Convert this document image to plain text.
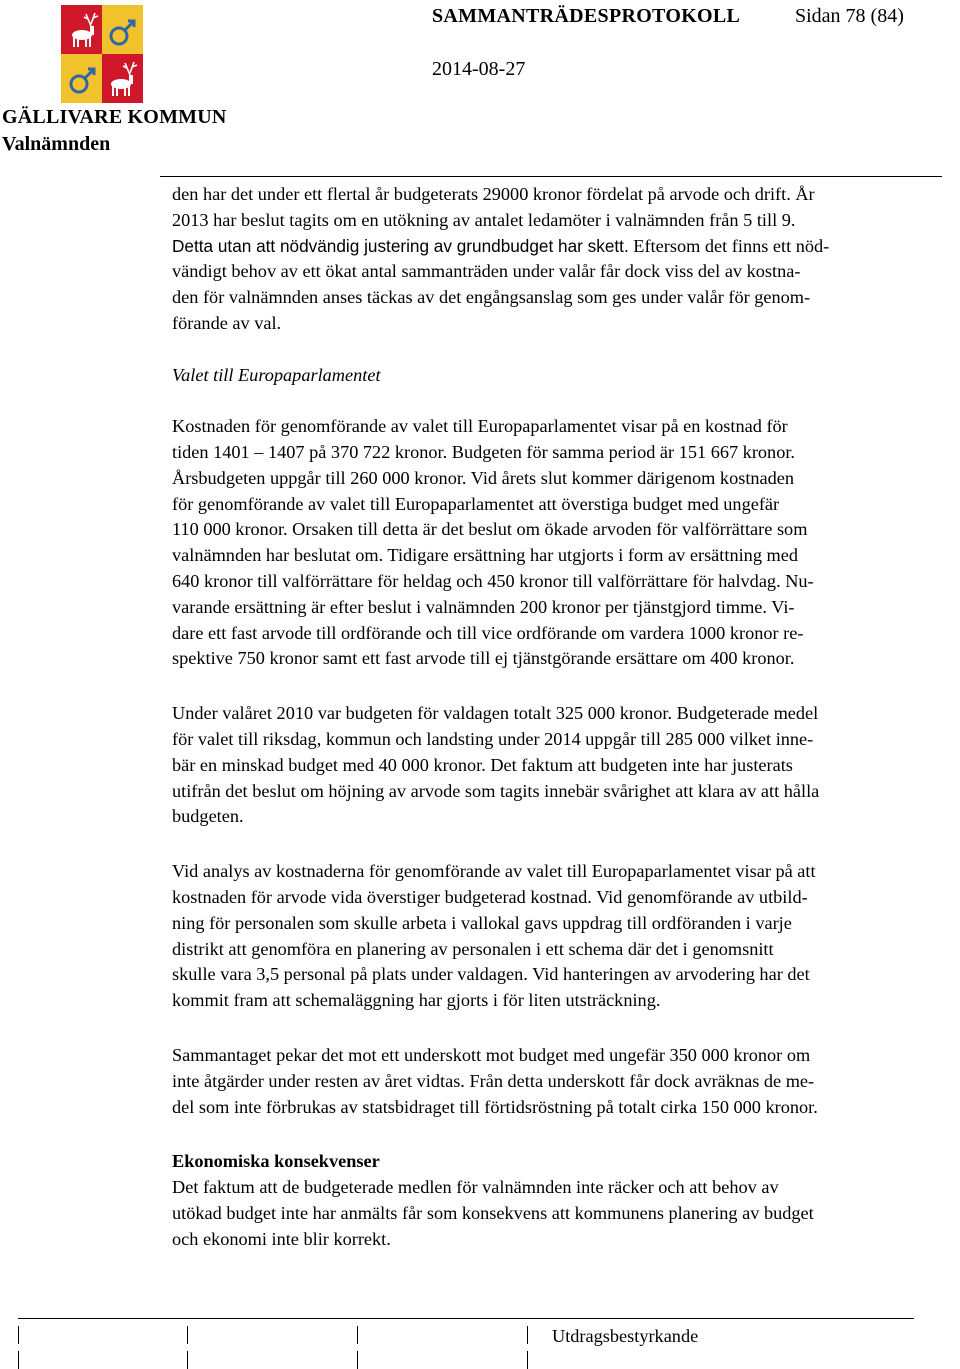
GÄLLIVARE KOMMUN
Valnämnden
SAMMANTRÄDESPROTOKOLL	Sidan 78 (84)
2014-08-27

den har det under ett flertal år budgeterats 29000 kronor fördelat på arvode och drift. År

2013 har beslut tagits om en utökning av antalet ledamöter i valnämnden från 5 till 9.

Detta utan att nödvändig justering av grundbudget har skett. Eftersom det finns ett nöd-

vändigt behov av ett ökat antal sammanträden under valår får dock viss del av kostna-

den för valnämnden anses täckas av det engångsanslag som ges under valår för genom-

förande av val.

Valet till Europaparlamentet

Kostnaden för genomförande av valet till Europaparlamentet visar på en kostnad för

tiden 1401 – 1407 på 370 722 kronor. Budgeten för samma period är 151 667 kronor.

Årsbudgeten uppgår till 260 000 kronor. Vid årets slut kommer därigenom kostnaden

för genomförande av valet till Europaparlamentet att överstiga budget med ungefär

110 000 kronor. Orsaken till detta är det beslut om ökade arvoden för valförrättare som

valnämnden har beslutat om. Tidigare ersättning har utgjorts i form av ersättning med

640 kronor till valförrättare för heldag och 450 kronor till valförrättare för halvdag. Nu-

varande ersättning är efter beslut i valnämnden 200 kronor per tjänstgjord timme. Vi-

dare ett fast arvode till ordförande och till vice ordförande om vardera 1000 kronor re-

spektive 750 kronor samt ett fast arvode till ej tjänstgörande ersättare om 400 kronor.

Under valåret 2010 var budgeten för valdagen totalt 325 000 kronor. Budgeterade medel

för valet till riksdag, kommun och landsting under 2014 uppgår till 285 000 vilket inne-

bär en minskad budget med 40 000 kronor. Det faktum att budgeten inte har justerats

utifrån det beslut om höjning av arvode som tagits innebär svårighet att klara av att hålla

budgeten.

Vid analys av kostnaderna för genomförande av valet till Europaparlamentet visar på att

kostnaden för arvode vida överstiger budgeterad kostnad. Vid genomförande av utbild-

ning för personalen som skulle arbeta i vallokal gavs uppdrag till ordföranden i varje

distrikt att genomföra en planering av personalen i ett schema där det i genomsnitt

skulle vara 3,5 personal på plats under valdagen. Vid hanteringen av arvodering har det

kommit fram att schemaläggning har gjorts i för liten utsträckning.

Sammantaget pekar det mot ett underskott mot budget med ungefär 350 000 kronor om

inte åtgärder under resten av året vidtas. Från detta underskott får dock avräknas de me-

del som inte förbrukas av statsbidraget till förtidsröstning på totalt cirka 150 000 kronor.

Ekonomiska konsekvenser

Det faktum att de budgeterade medlen för valnämnden inte räcker och att behov av

utökad budget inte har anmälts får som konsekvens att kommunens planering av budget

och ekonomi inte blir korrekt.

Utdragsbestyrkande
